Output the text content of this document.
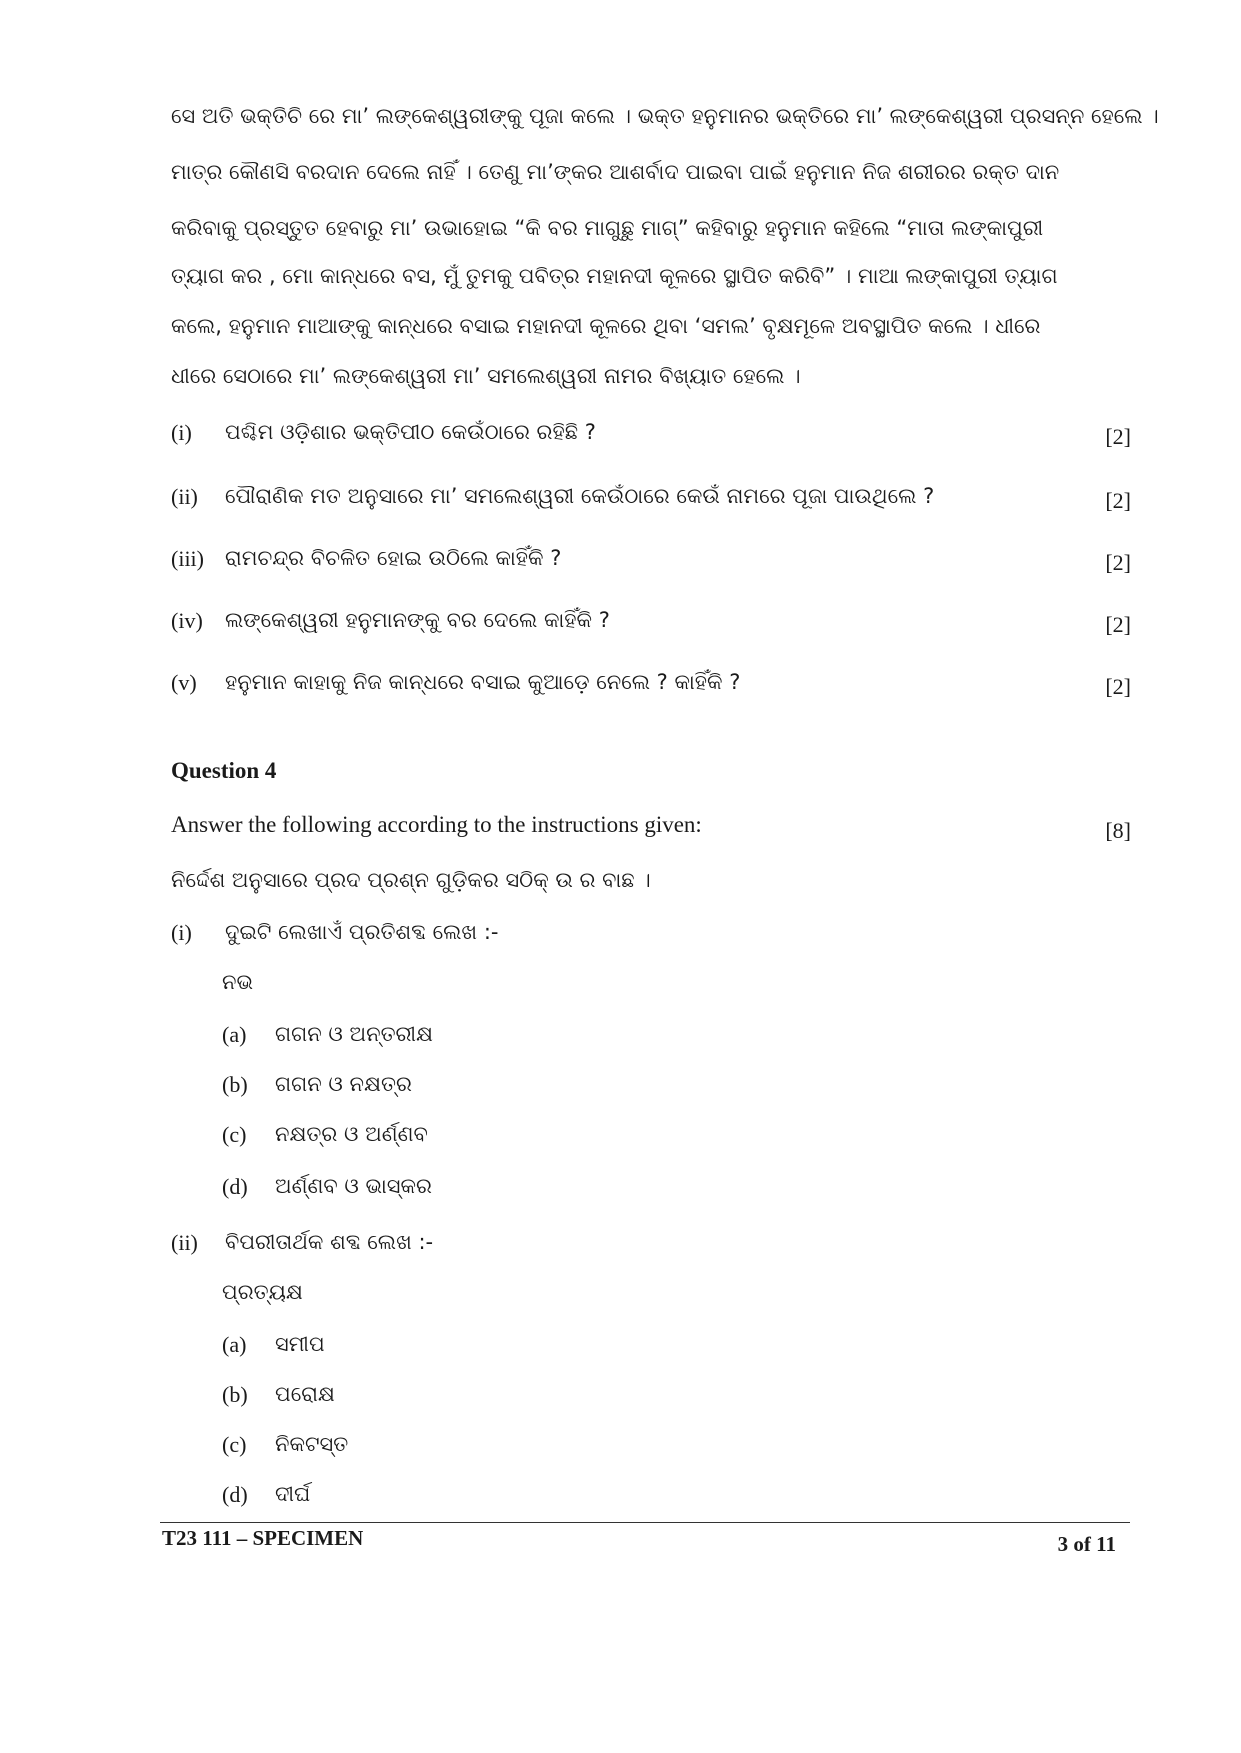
ସେ ଅତି ଭକ୍ତିଚି ରେ ମା’ ଲଙ୍କେଶ୍ୱରୀଙ୍କୁ ପୂଜା କଲେ । ଭକ୍ତ ହନୁମାନର ଭକ୍ତିରେ ମା’ ଲଙ୍କେଶ୍ୱରୀ ପ୍ରସନ୍ନ ହେଲେ ।
ମାତ୍ର କୌଣସି ବରଦାନ ଦେଲେ ନାହିଁ । ତେଣୁ ମା’ଙ୍କର ଆଶର୍ବାଦ ପାଇବା ପାଇଁ ହନୁମାନ ନିଜ ଶରୀରର ରକ୍ତ ଦାନ
କରିବାକୁ ପ୍ରସ୍ତୁତ ହେବାରୁ ମା’ ଉଭାହୋଇ “କି ବର ମାଗୁଛୁ ମାଗ୍” କହିବାରୁ ହନୁମାନ କହିଲେ “ମାତା ଲଙ୍କାପୁରୀ
ତ୍ୟାଗ କର , ମୋ କାନ୍ଧରେ ବସ, ମୁଁ ତୁମକୁ ପବିତ୍ର ମହାନଦୀ କୂଳରେ ସ୍ଥାପିତ କରିବି” । ମାଆ ଲଙ୍କାପୁରୀ ତ୍ୟାଗ
କଲେ, ହନୁମାନ ମାଆଙ୍କୁ କାନ୍ଧରେ ବସାଇ ମହାନଦୀ କୂଳରେ ଥିବା ‘ସମଲ’ ବୃକ୍ଷମୂଳେ ଅବସ୍ଥାପିତ କଲେ । ଧୀରେ
ଧୀରେ ସେଠାରେ ମା’ ଲଙ୍କେଶ୍ୱରୀ ମା’ ସମଲେଶ୍ୱରୀ ନାମର ବିଖ୍ୟାତ ହେଲେ ।
(i) ପଶ୍ଚିମ ଓଡ଼ିଶାର ଭକ୍ତିପୀଠ କେଉଁଠାରେ ରହିଛି ?	[2]
(ii) ପୌରାଣିକ ମତ ଅନୁସାରେ ମା’ ସମଲେଶ୍ୱରୀ କେଉଁଠାରେ କେଉଁ ନାମରେ ପୂଜା ପାଉଥିଲେ ?	[2]
(iii) ରାମଚନ୍ଦ୍ର ବିଚଳିତ ହୋଇ ଉଠିଲେ କାହିଁକି ?	[2]
(iv) ଲଙ୍କେଶ୍ୱରୀ ହନୁମାନଙ୍କୁ ବର ଦେଲେ କାହିଁକି ?	[2]
(v) ହନୁମାନ କାହାକୁ ନିଜ କାନ୍ଧରେ ବସାଇ କୁଆଡ଼େ ନେଲେ ? କାହିଁକି ?	[2]
Question 4
Answer the following according to the instructions given:	[8]
ନିର୍ଦ୍ଦେଶ ଅନୁସାରେ ପ୍ରଦ ପ୍ରଶ୍ନ ଗୁଡ଼ିକର ସଠିକ୍ ଉ ର ବାଛ ।
(i) ଦୁଇଟି ଲେଖାଏଁ ପ୍ରତିଶବ୍ଦ ଲେଖ :-
ନଭ
(a) ଗଗନ ଓ ଅନ୍ତରୀକ୍ଷ
(b) ଗଗନ ଓ ନକ୍ଷତ୍ର
(c) ନକ୍ଷତ୍ର ଓ ଅର୍ଣ୍ଣବ
(d) ଅର୍ଣ୍ଣବ ଓ ଭାସ୍କର
(ii) ବିପରୀତାର୍ଥକ ଶବ୍ଦ ଲେଖ :-
ପ୍ରତ୍ୟକ୍ଷ
(a) ସମୀପ
(b) ପରୋକ୍ଷ
(c) ନିକଟସ୍ତ
(d) ଦୀର୍ଘ
T23 111 – SPECIMEN	3 of 11
